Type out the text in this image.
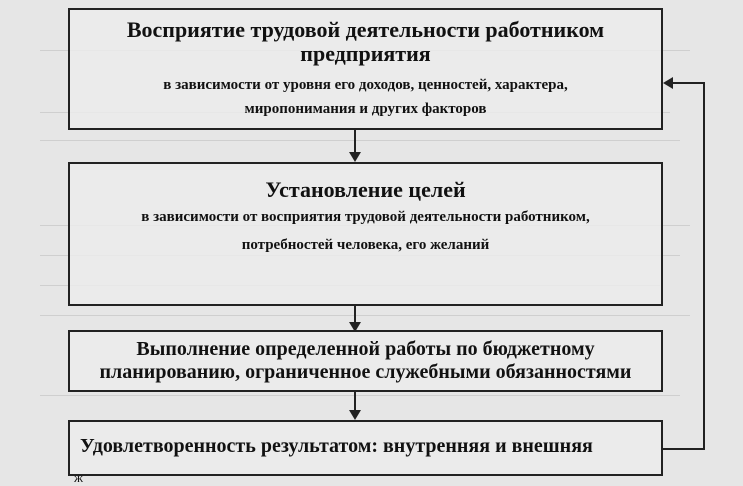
Восприятие трудовой деятельности работником
предприятия
в зависимости от уровня его доходов, ценностей, характера,
миропонимания и других факторов
Установление целей
в зависимости от восприятия трудовой деятельности работником,
потребностей человека, его желаний
Выполнение определенной работы по бюджетному
планированию, ограниченное служебными обязанностями
Удовлетворенность результатом: внутренняя и внешняя
ж
